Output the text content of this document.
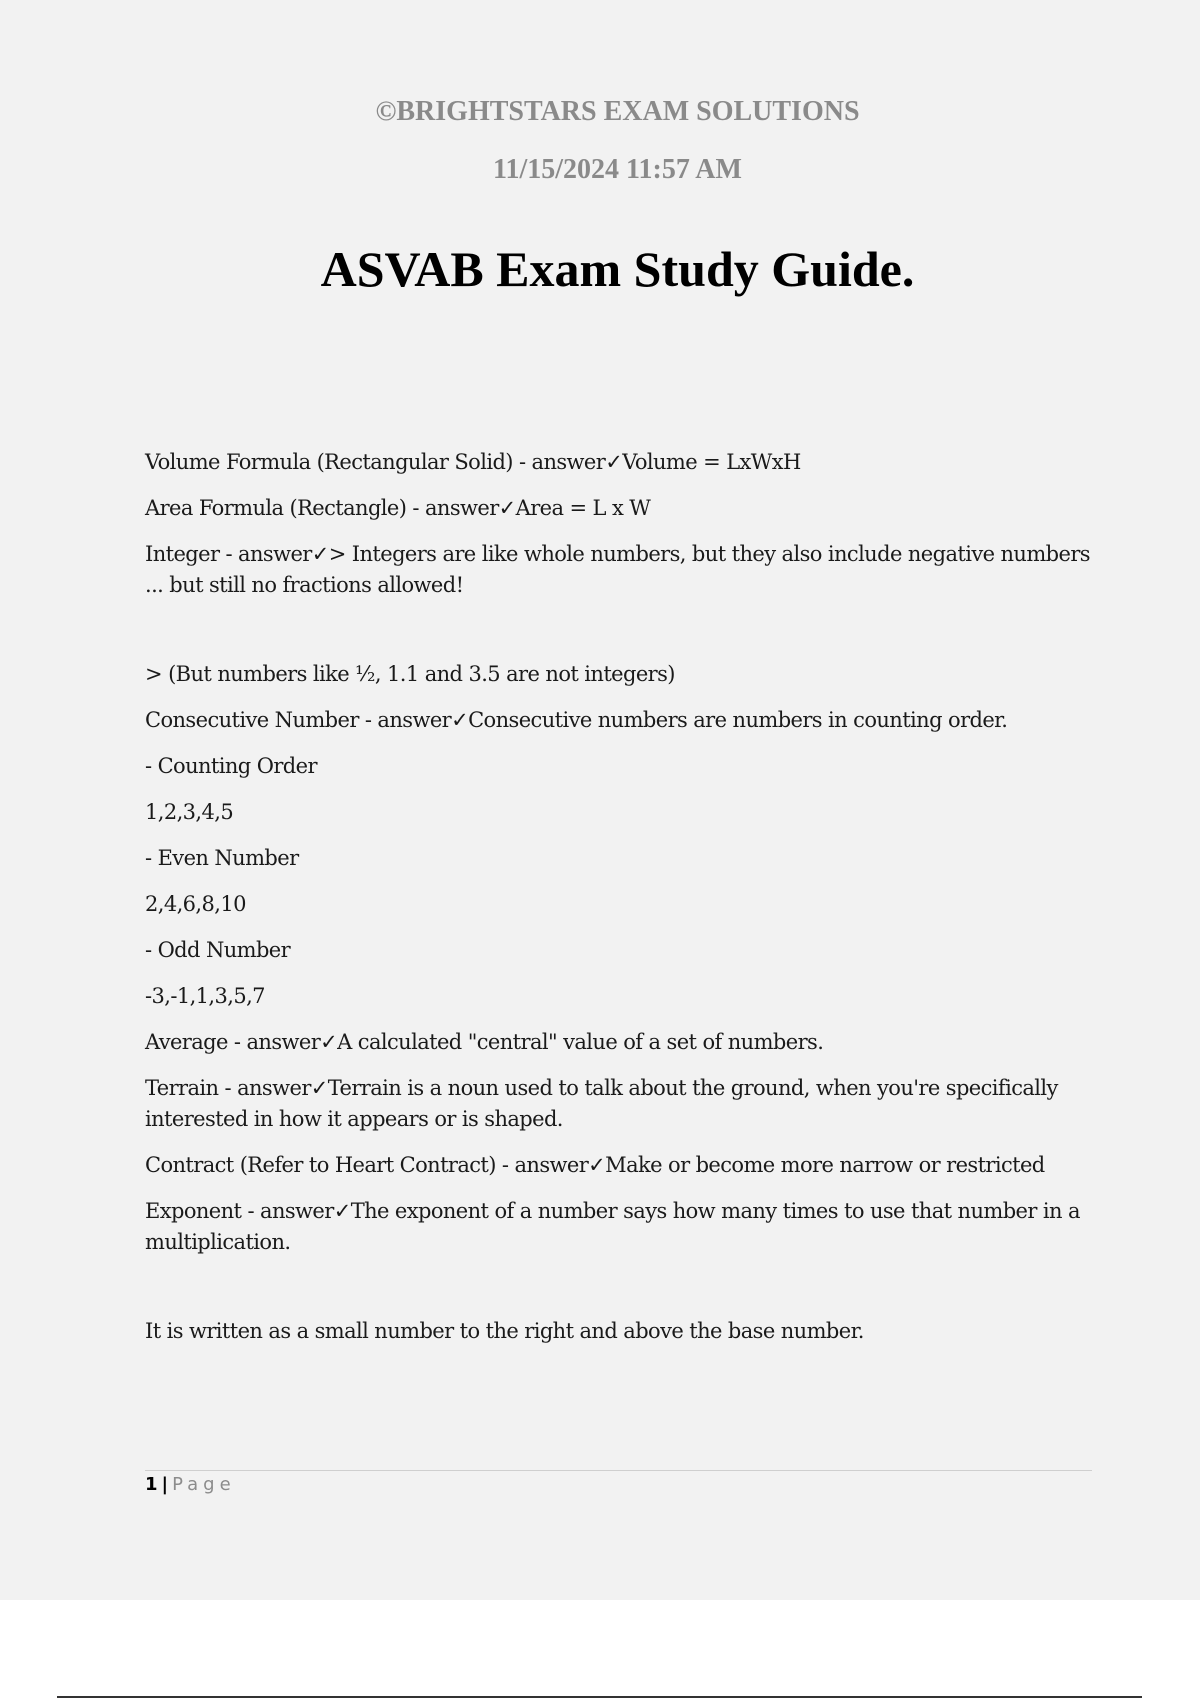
©BRIGHTSTARS EXAM SOLUTIONS

11/15/2024 11:57 AM

ASVAB Exam Study Guide.

Volume Formula (Rectangular Solid) - answer✓Volume = LxWxH

Area Formula (Rectangle) - answer✓Area = L x W

Integer - answer✓> Integers are like whole numbers, but they also include negative numbers ... but still no fractions allowed!

> (But numbers like ½, 1.1 and 3.5 are not integers)

Consecutive Number - answer✓Consecutive numbers are numbers in counting order.

- Counting Order

1,2,3,4,5

- Even Number

2,4,6,8,10

- Odd Number

-3,-1,1,3,5,7

Average - answer✓A calculated "central" value of a set of numbers.

Terrain - answer✓Terrain is a noun used to talk about the ground, when you're specifically interested in how it appears or is shaped.

Contract (Refer to Heart Contract) - answer✓Make or become more narrow or restricted

Exponent - answer✓The exponent of a number says how many times to use that number in a multiplication.

It is written as a small number to the right and above the base number.

1 | Page
